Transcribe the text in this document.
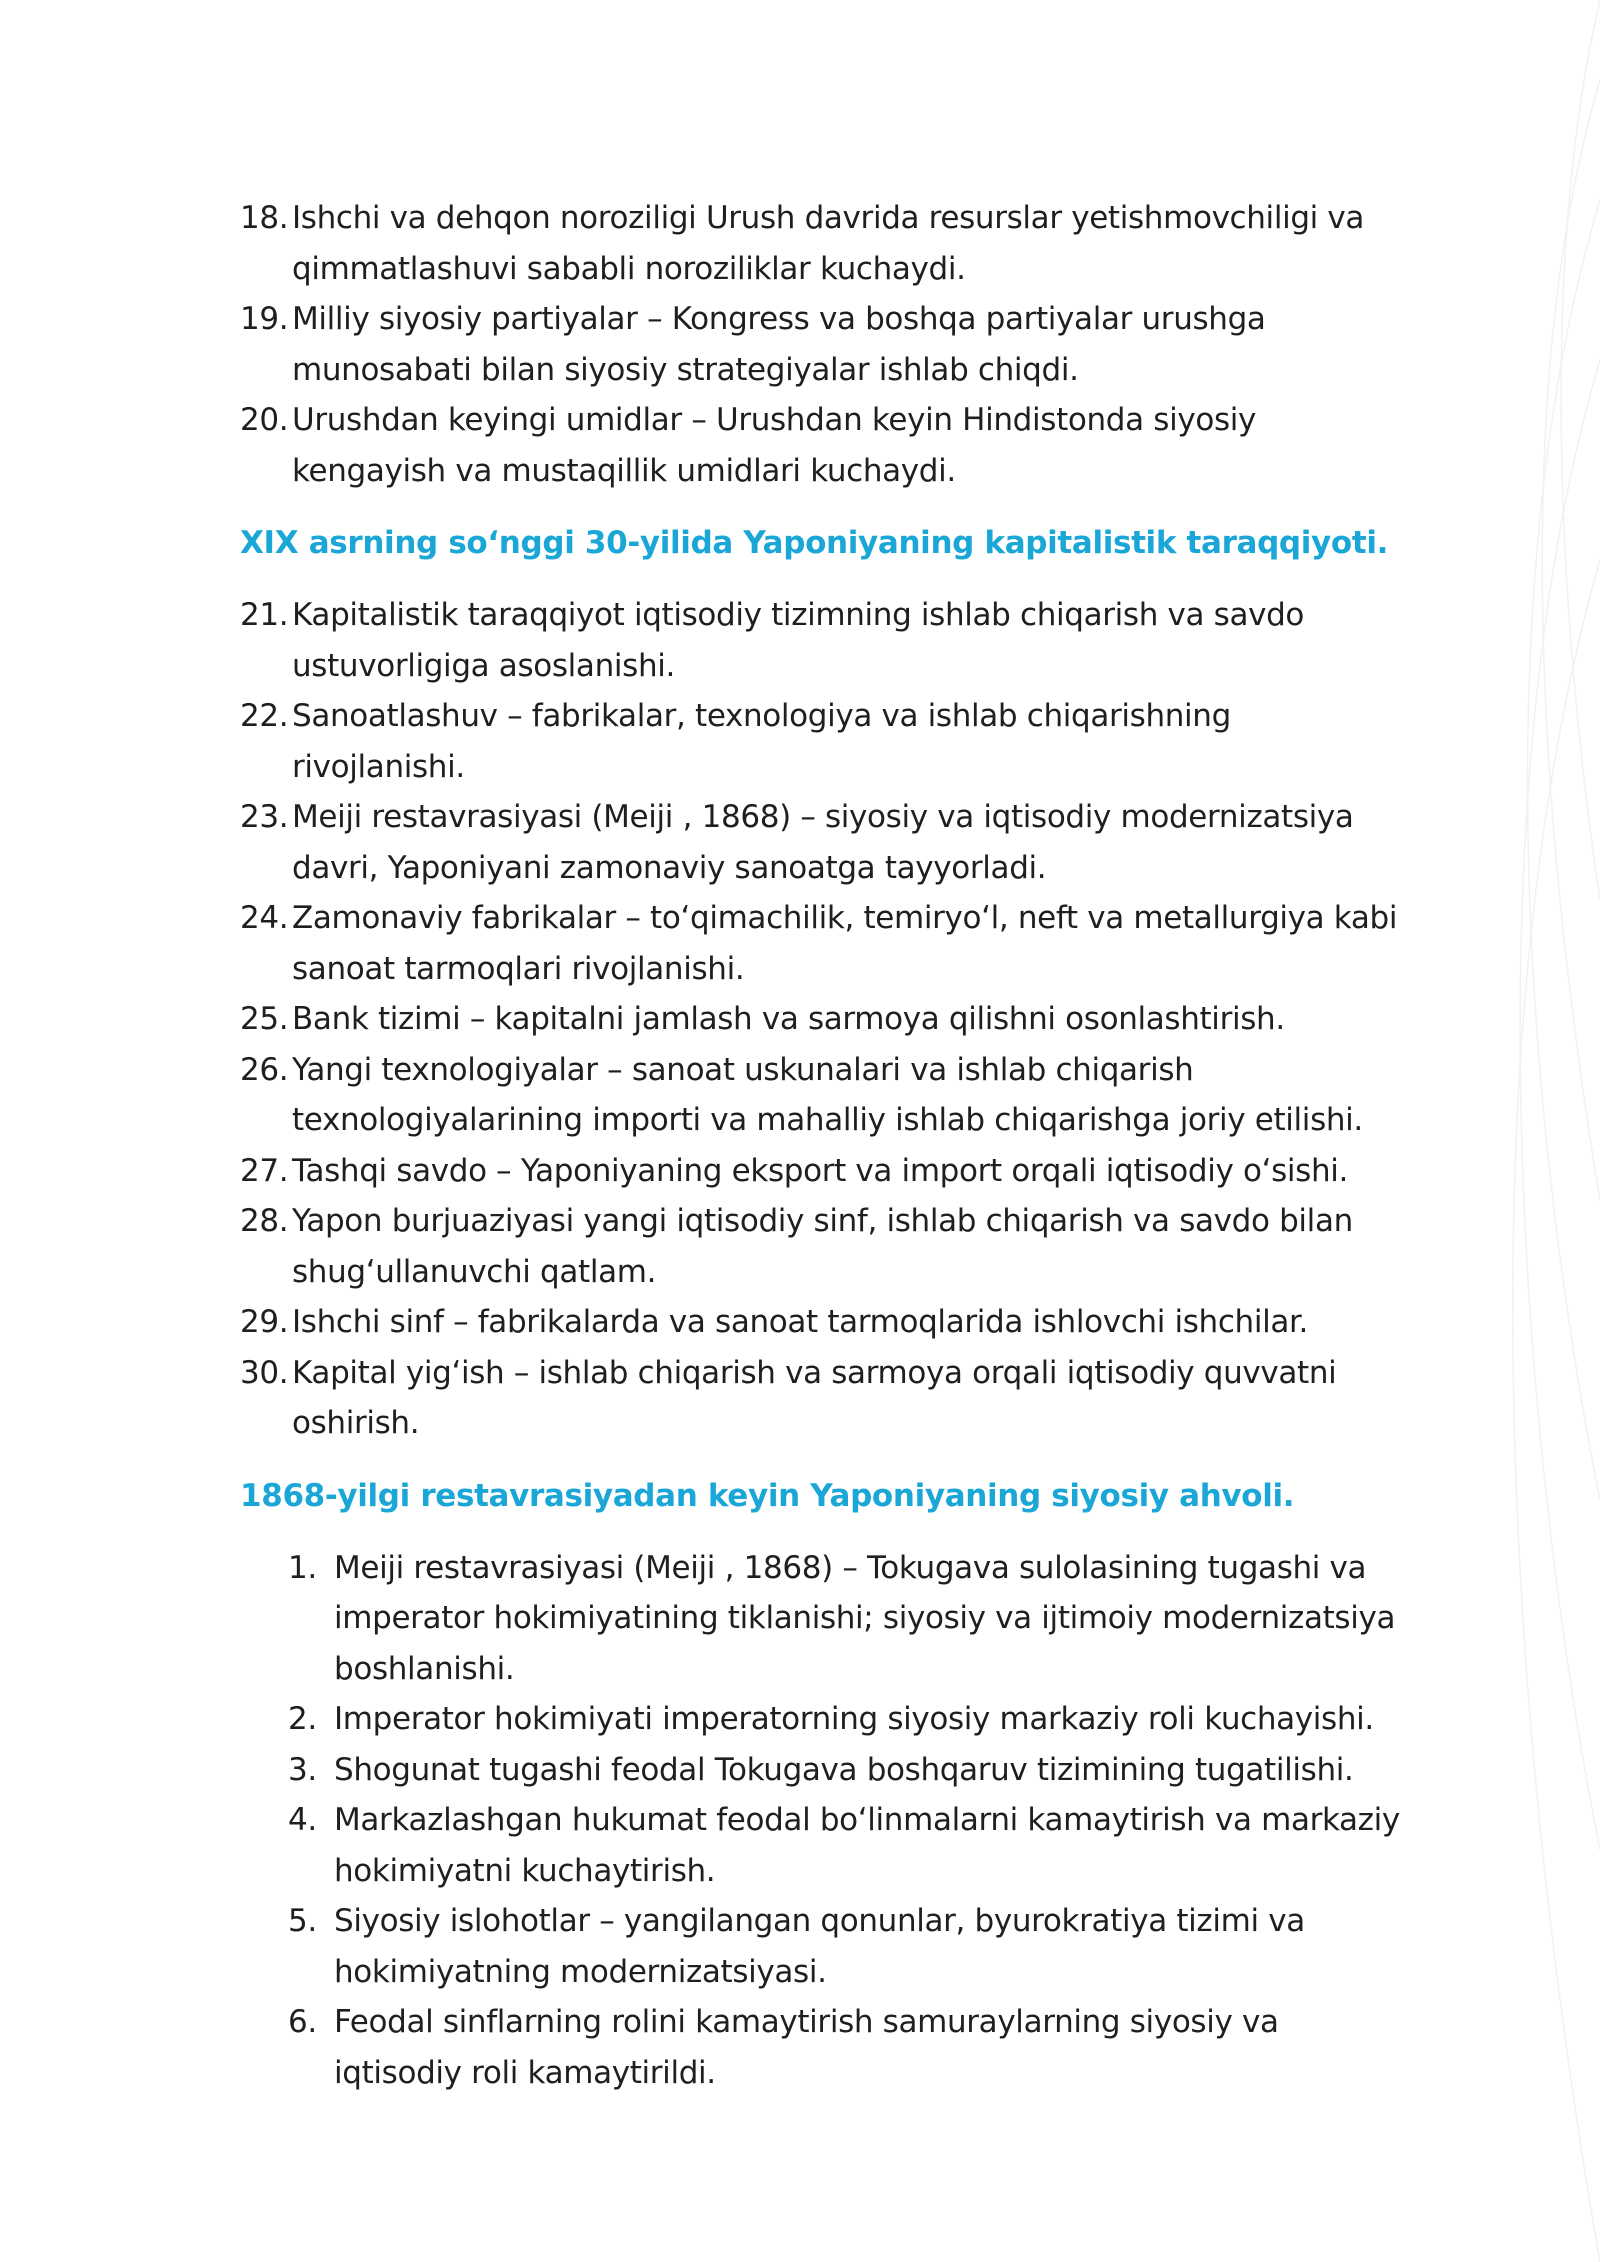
18. Ishchi va dehqon noroziligi Urush davrida resurslar yetishmovchiligi va qimmatlashuvi sababli noroziliklar kuchaydi.
19. Milliy siyosiy partiyalar – Kongress va boshqa partiyalar urushga munosabati bilan siyosiy strategiyalar ishlab chiqdi.
20. Urushdan keyingi umidlar – Urushdan keyin Hindistonda siyosiy kengayish va mustaqillik umidlari kuchaydi.
XIX asrning so‘nggi 30-yilida Yaponiyaning kapitalistik taraqqiyoti.
21. Kapitalistik taraqqiyot iqtisodiy tizimning ishlab chiqarish va savdo ustuvorligiga asoslanishi.
22. Sanoatlashuv – fabrikalar, texnologiya va ishlab chiqarishning rivojlanishi.
23. Meiji restavrasiyasi (Meiji , 1868) – siyosiy va iqtisodiy modernizatsiya davri, Yaponiyani zamonaviy sanoatga tayyorladi.
24. Zamonaviy fabrikalar – to‘qimachilik, temiryo‘l, neft va metallurgiya kabi sanoat tarmoqlari rivojlanishi.
25. Bank tizimi – kapitalni jamlash va sarmoya qilishni osonlashtirish.
26. Yangi texnologiyalar – sanoat uskunalari va ishlab chiqarish texnologiyalarining importi va mahalliy ishlab chiqarishga joriy etilishi.
27. Tashqi savdo – Yaponiyaning eksport va import orqali iqtisodiy o‘sishi.
28. Yapon burjuaziyasi yangi iqtisodiy sinf, ishlab chiqarish va savdo bilan shug‘ullanuvchi qatlam.
29. Ishchi sinf – fabrikalarda va sanoat tarmoqlarida ishlovchi ishchilar.
30. Kapital yig‘ish – ishlab chiqarish va sarmoya orqali iqtisodiy quvvatni oshirish.
1868-yilgi restavrasiyadan keyin Yaponiyaning siyosiy ahvoli.
1. Meiji restavrasiyasi (Meiji , 1868) – Tokugava sulolasining tugashi va imperator hokimiyatining tiklanishi; siyosiy va ijtimoiy modernizatsiya boshlanishi.
2. Imperator hokimiyati imperatorning siyosiy markaziy roli kuchayishi.
3. Shogunat tugashi feodal Tokugava boshqaruv tizimining tugatilishi.
4. Markazlashgan hukumat feodal bo‘linmalarni kamaytirish va markaziy hokimiyatni kuchaytirish.
5. Siyosiy islohotlar – yangilangan qonunlar, byurokratiya tizimi va hokimiyatning modernizatsiyasi.
6. Feodal sinflarning rolini kamaytirish samuraylarning siyosiy va iqtisodiy roli kamaytirildi.
